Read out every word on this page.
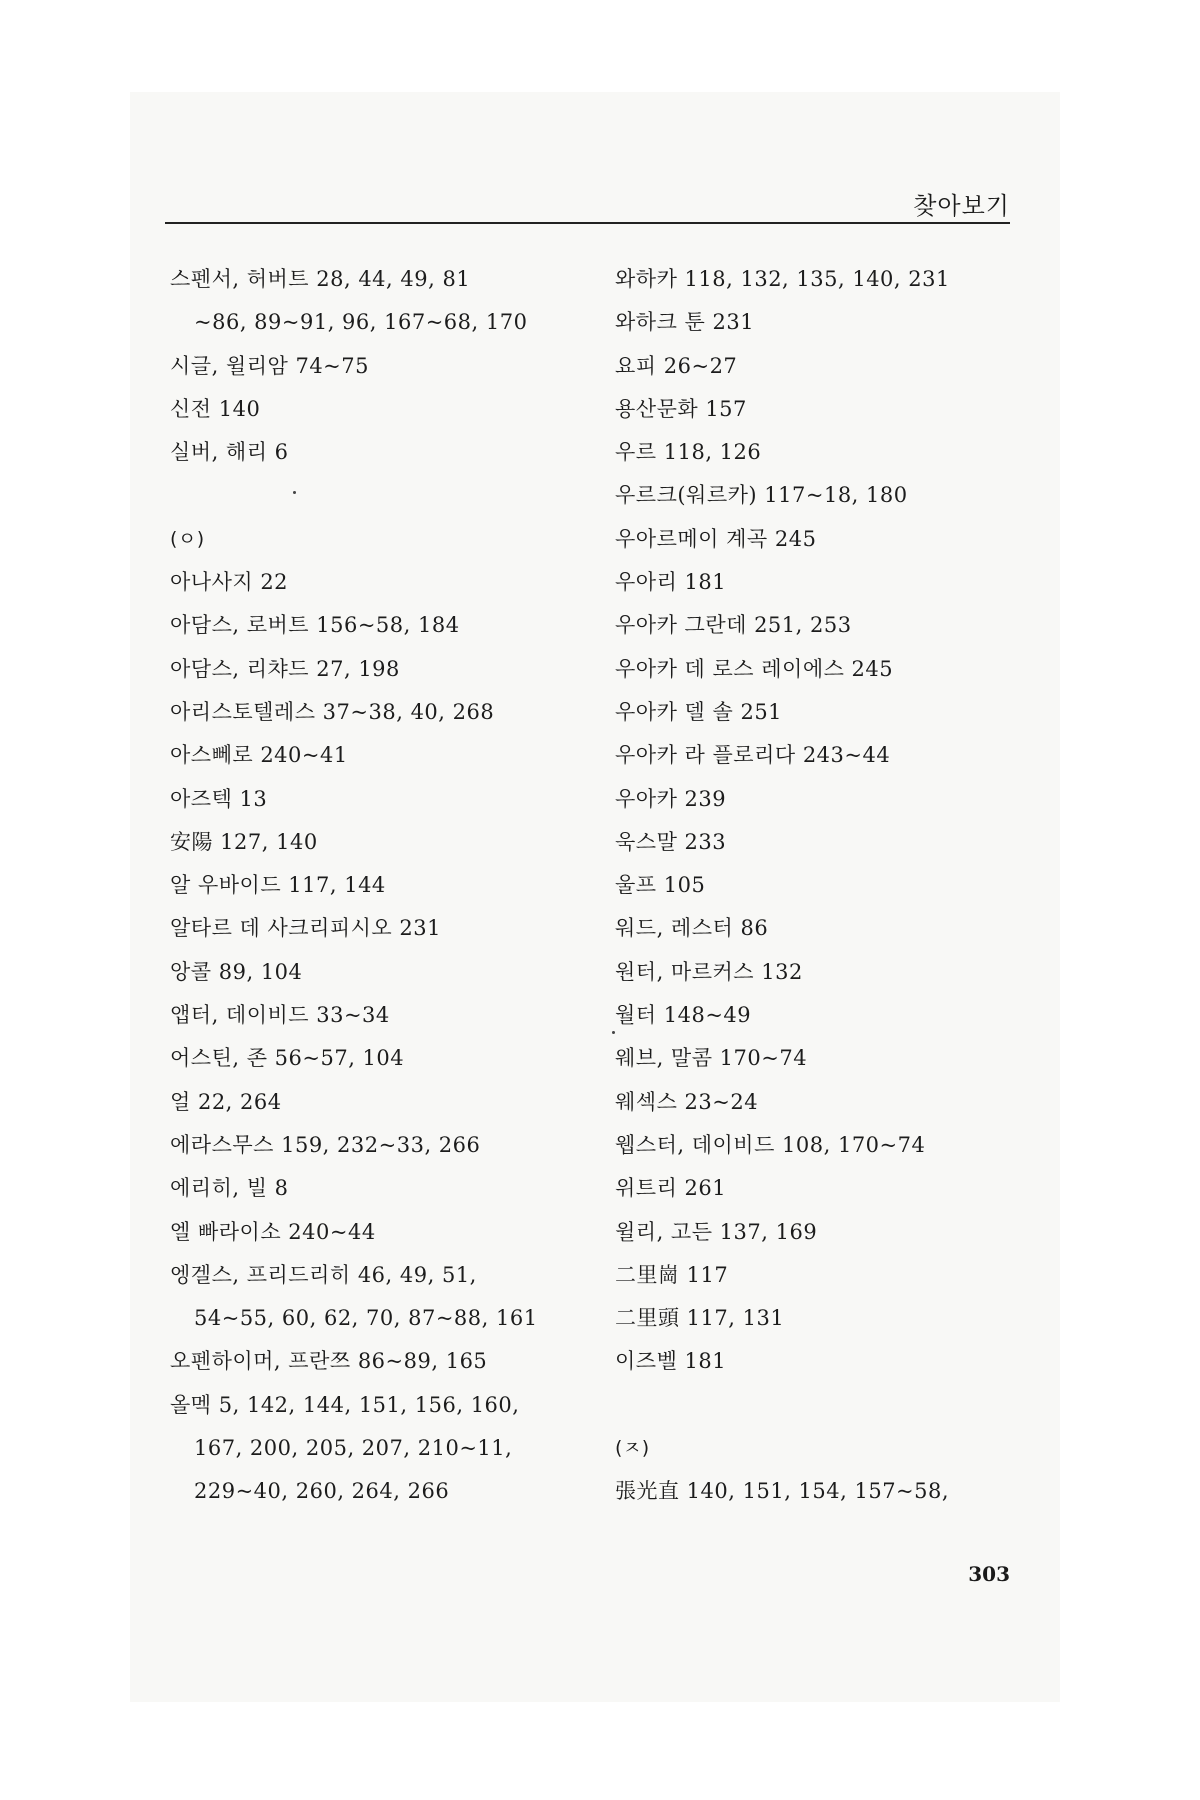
찾아보기
스펜서, 허버트 28, 44, 49, 81
~86, 89~91, 96, 167~68, 170
시글, 윌리암 74~75
신전 140
실버, 해리 6
(ㅇ)
아나사지 22
아담스, 로버트 156~58, 184
아담스, 리챠드 27, 198
아리스토텔레스 37~38, 40, 268
아스뻬로 240~41
아즈텍 13
安陽 127, 140
알 우바이드 117, 144
알타르 데 사크리피시오 231
앙콜 89, 104
앱터, 데이비드 33~34
어스틴, 존 56~57, 104
얼 22, 264
에라스무스 159, 232~33, 266
에리히, 빌 8
엘 빠라이소 240~44
엥겔스, 프리드리히 46, 49, 51,
54~55, 60, 62, 70, 87~88, 161
오펜하이머, 프란쯔 86~89, 165
올멕 5, 142, 144, 151, 156, 160,
167, 200, 205, 207, 210~11,
229~40, 260, 264, 266
와하카 118, 132, 135, 140, 231
와하크 툰 231
요피 26~27
용산문화 157
우르 118, 126
우르크(워르카) 117~18, 180
우아르메이 계곡 245
우아리 181
우아카 그란데 251, 253
우아카 데 로스 레이에스 245
우아카 델 솔 251
우아카 라 플로리다 243~44
우아카 239
욱스말 233
울프 105
워드, 레스터 86
원터, 마르커스 132
월터 148~49
웨브, 말콤 170~74
웨섹스 23~24
웹스터, 데이비드 108, 170~74
위트리 261
윌리, 고든 137, 169
二里崗 117
二里頭 117, 131
이즈벨 181
(ㅈ)
張光直 140, 151, 154, 157~58,
303
